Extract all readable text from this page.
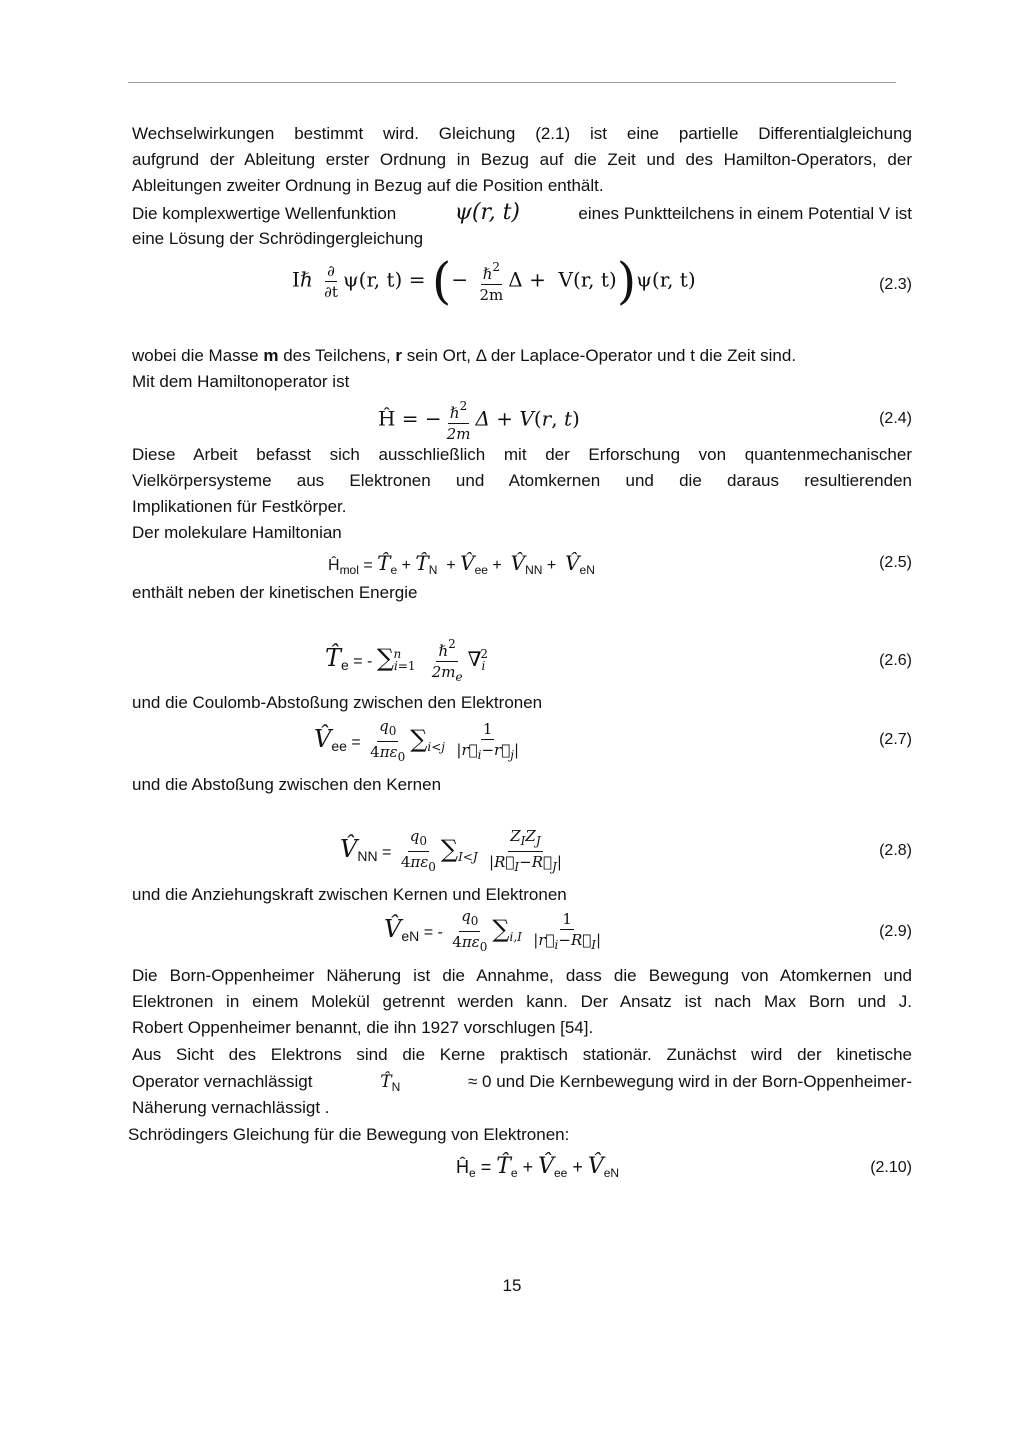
Wechselwirkungen bestimmt wird. Gleichung (2.1) ist eine partielle Differentialgleichung

aufgrund der Ableitung erster Ordnung in Bezug auf die Zeit und des Hamilton-Operators, der

Ableitungen zweiter Ordnung in Bezug auf die Position enthält.

Die komplexwertige Wellenfunktion	ψ(r, t)	eines Punktteilchens in einem Potential V ist

eine Lösung der Schrödingergleichung

Iℏ $\frac{\partial}{\partial t} \psi(r$, t) = (− $\frac{\hbar^2}{2m}$ Δ +  V(r, t))ψ(r, t)	(2.3)

wobei die Masse m des Teilchens, r sein Ort, Δ der Laplace-Operator und t die Zeit sind.

Mit dem Hamiltonoperator ist

Ĥ = − $\frac{\hbar^2}{2m}$ Δ + V(r, t)	(2.4)

Diese Arbeit befasst sich ausschließlich mit der Erforschung von quantenmechanischer

Vielkörpersysteme aus Elektronen und Atomkernen und die daraus resultierenden

Implikationen für Festkörper.

Der molekulare Hamiltonian

$Ĥ_{mol}$ = $T̂_e$ + $T̂_N$  + $V̂_{ee}$ +  $V̂_{NN}$ +  $V̂_{eN}$	(2.5)

enthält neben der kinetischen Energie

$T̂_e$ = - $\sum_{i=1}^n \frac{\hbar^2}{2m_e} \nabla_i^2$	(2.6)

und die Coulomb-Abstoßung zwischen den Elektronen

$V̂_{ee} = \frac{q_0}{4\pi\varepsilon_0} \sum_{i<j} \frac{1}{|r⃗_i-r⃗_j|}$	(2.7)

und die Abstoßung zwischen den Kernen

$V̂_{NN} = \frac{q_0}{4\pi\varepsilon_0} \sum_{I<J} \frac{Z_IZ_J}{|R⃗_I-R⃗_J|}$	(2.8)

und die Anziehungskraft zwischen Kernen und Elektronen

$V̂_{eN}$ = - $\frac{q_0}{4\pi\varepsilon_0} \sum_{i,I} \frac{1}{|r⃗_i-R⃗_I|}$	(2.9)

Die Born-Oppenheimer Näherung ist die Annahme, dass die Bewegung von Atomkernen und

Elektronen in einem Molekül getrennt werden kann. Der Ansatz ist nach Max Born und J.

Robert Oppenheimer benannt, die ihn 1927 vorschlugen [54].

Aus Sicht des Elektrons sind die Kerne praktisch stationär. Zunächst wird der kinetische

Operator vernachlässigt	$T̂_N$	≈ 0 und Die Kernbewegung wird in der Born-Oppenheimer-

Näherung vernachlässigt .

Schrödingers Gleichung für die Bewegung von Elektronen:

$Ĥ_e$ = $T̂_e$ + $V̂_{ee}$ + $V̂_{eN}$	(2.10)
15
